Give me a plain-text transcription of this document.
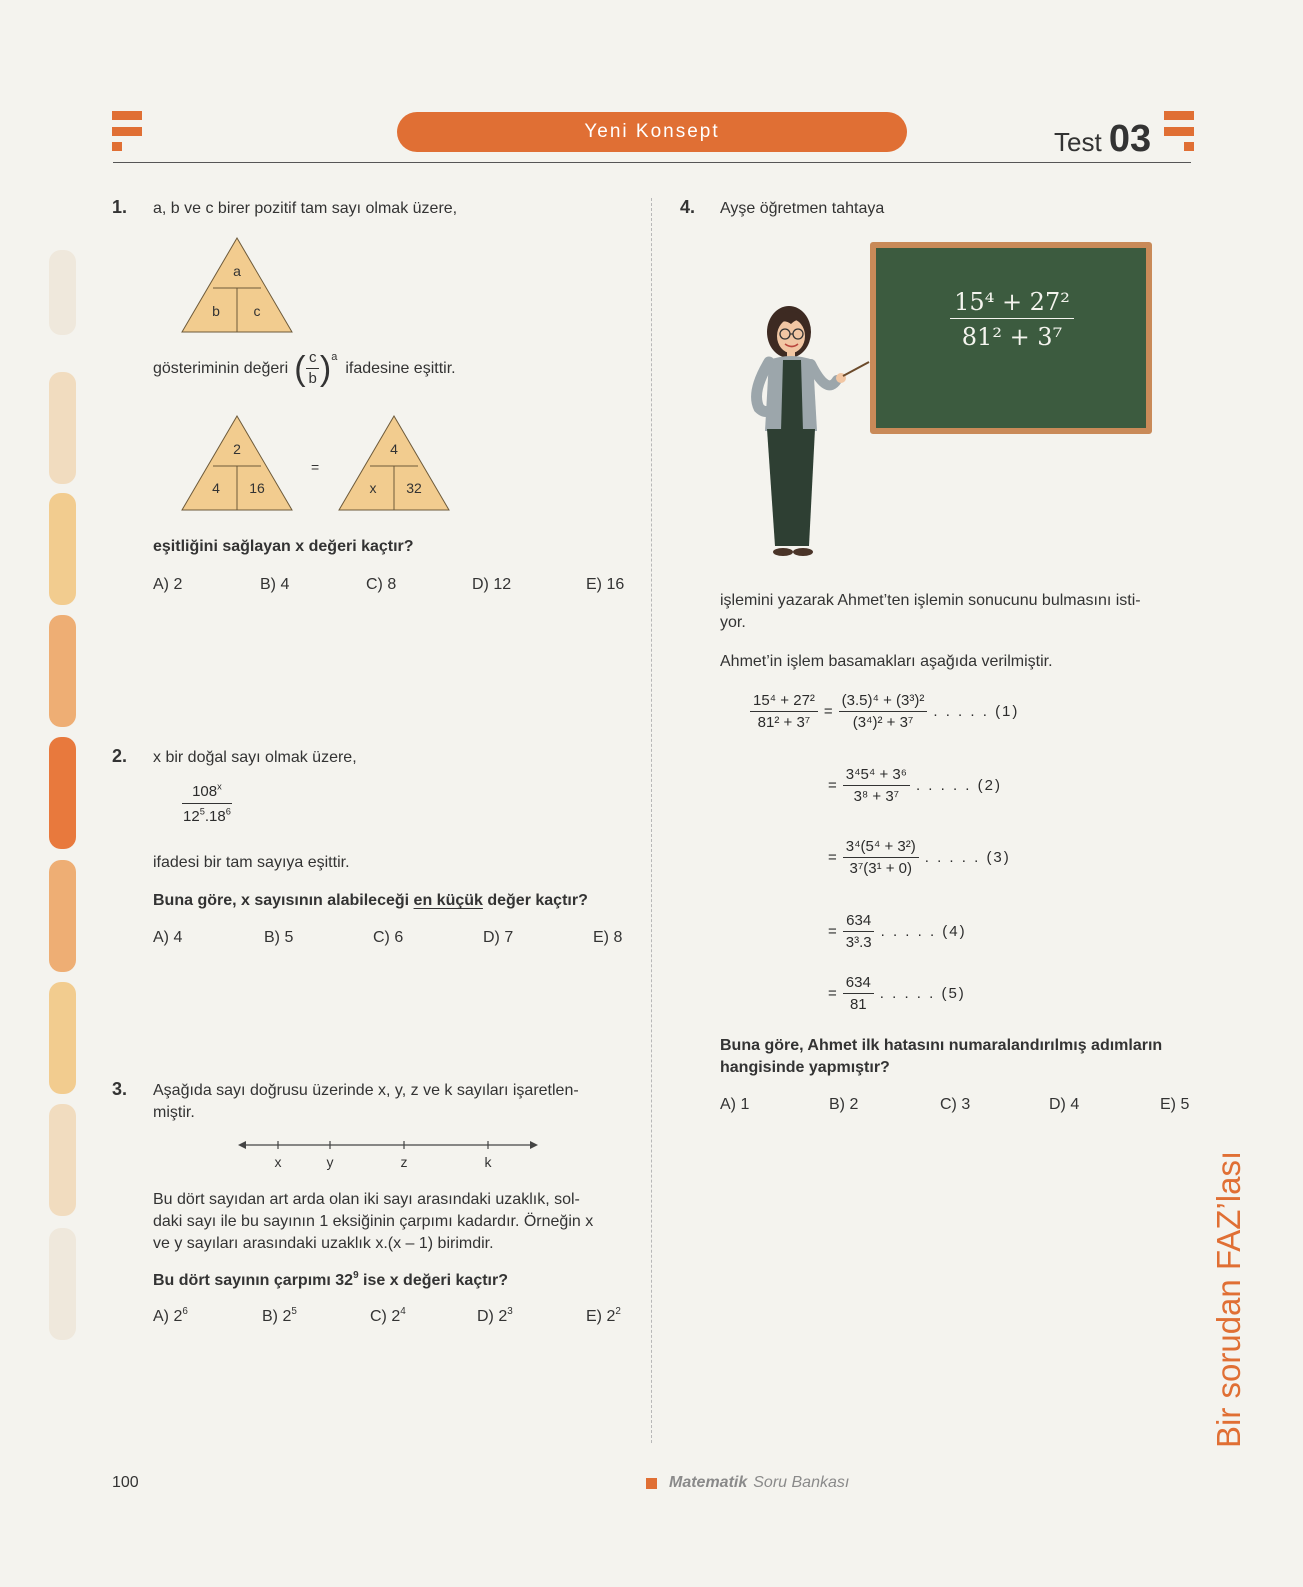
Yeni Konsept	Test 03
1. a, b ve c birer pozitif tam sayı olmak üzere,
a
b c
gösteriminin değeri ( $\frac{c}{b}$ ) a
ifadesine eşittir.
2
4 16
=
4
x 32
eşitliğini sağlayan x değeri kaçtır?
A) 2	B) 4	C) 8	D) 12	E) 16
2. x bir doğal sayı olmak üzere,
$\frac{108^x}{12^5.18^6}$
ifadesi bir tam sayıya eşittir.
Buna göre, x sayısının alabileceği en küçük değer kaçtır?
A) 4	B) 5	C) 6	D) 7	E) 8
3. Aşağıda sayı doğrusu üzerinde x, y, z ve k sayıları işaretlen-
miştir.
x	y	z	k
Bu dört sayıdan art arda olan iki sayı arasındaki uzaklık, sol-
daki sayı ile bu sayının 1 eksiğinin çarpımı kadardır. Örneğin x
ve y sayıları arasındaki uzaklık x.(x – 1) birimdir.
Bu dört sayının çarpımı $32^9$ ise x değeri kaçtır?
A) $2^6$	B) $2^5$	C) $2^4$	D) $2^3$	E) $2^2$
4. Ayşe öğretmen tahtaya
$\frac{\text{15⁴ + 27²}}{\text{81² + 3⁷}}$
işlemini yazarak Ahmet’ten işlemin sonucunu bulmasını isti-
yor.
Ahmet’in işlem basamakları aşağıda verilmiştir.
$\frac{\text{15⁴ + 27²}}{\text{81² + 3⁷}} = \frac{\text{(3.5)⁴ + (3³)²}}{\text{(3⁴)² + 3⁷}}$ . . . . . (1)
= $\frac{\text{3⁴5⁴ + 3⁶}}{\text{3⁸ + 3⁷}}$ . . . . . (2)
= $\frac{\text{3⁴(5⁴ + 3²)}}{\text{3⁷(3¹ + 0)}}$ . . . . . (3)
= $\frac{634}{\text{3³.3}}$ . . . . . (4)
= $\frac{634}{81}$ . . . . . (5)
Buna göre, Ahmet ilk hatasını numaralandırılmış adımların
hangisinde yapmıştır?
A) 1	B) 2	C) 3	D) 4	E) 5
Bir sorudan FAZ’lası
100	Matematik Soru Bankası
